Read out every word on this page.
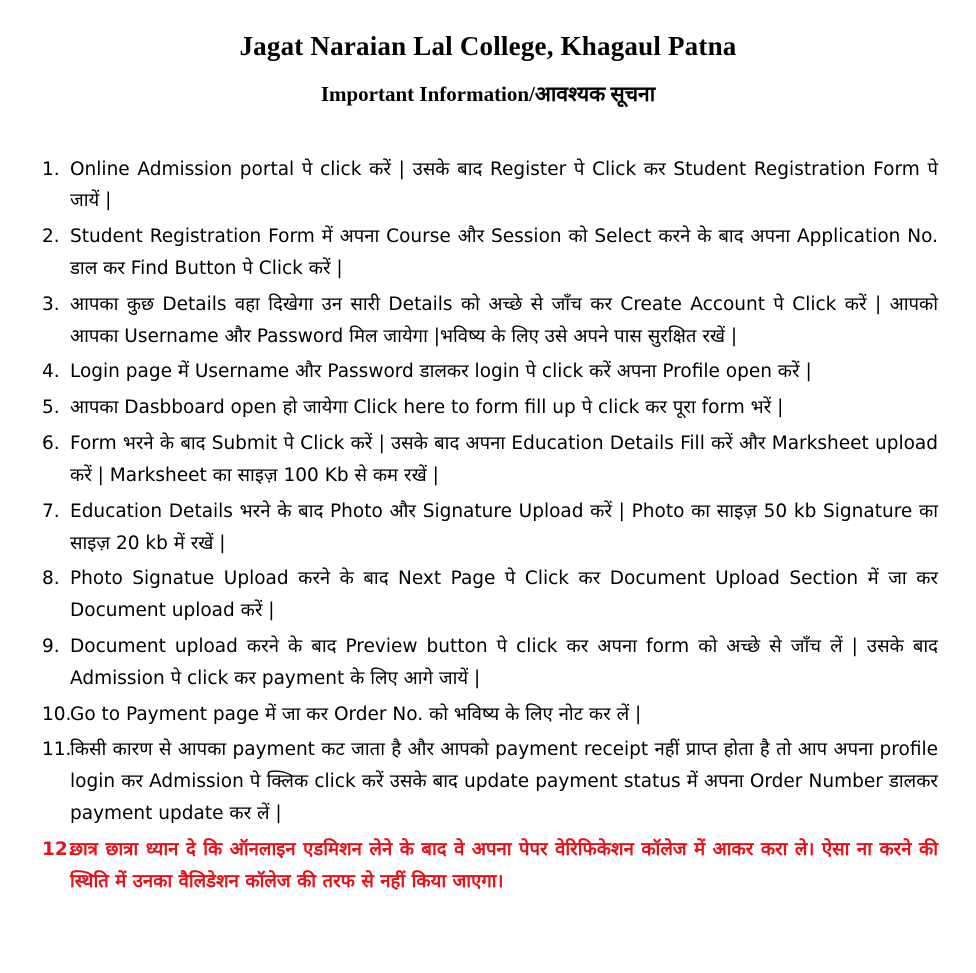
Jagat Naraian Lal College, Khagaul Patna
Important Information/आवश्यक सूचना
1. Online Admission portal पे click करें | उसके बाद Register पे Click कर Student Registration Form पे जायें |
2. Student Registration Form में अपना Course और Session को Select करने के बाद अपना Application No. डाल कर Find Button पे Click करें |
3. आपका कुछ Details वहा दिखेगा उन सारी Details को अच्छे से जाँच कर Create Account पे Click करें | आपको आपका Username और Password मिल जायेगा |भविष्य के लिए उसे अपने पास सुरक्षित रखें |
4. Login page में Username और Password डालकर login पे click करें अपना Profile open करें |
5. आपका Dasbboard open हो जायेगा Click here to form fill up पे click कर पूरा form भरें |
6. Form भरने के बाद Submit पे Click करें | उसके बाद अपना Education Details Fill करें और Marksheet upload करें | Marksheet का साइज़ 100 Kb से कम रखें |
7. Education Details भरने के बाद Photo और Signature Upload करें | Photo का साइज़ 50 kb Signature का साइज़ 20 kb में रखें |
8. Photo Signatue Upload करने के बाद Next Page पे Click कर Document Upload Section में जा कर Document upload करें |
9. Document upload करने के बाद Preview button पे click कर अपना form को अच्छे से जाँच लें | उसके बाद Admission पे click कर payment के लिए आगे जायें |
10.
Go to Payment page में जा कर Order No. को भविष्य के लिए नोट कर लें |
11.
किसी कारण से आपका payment कट जाता है और आपको payment receipt नहीं प्राप्त होता है तो आप अपना profile login कर Admission पे क्लिक click करें उसके बाद update payment status में अपना Order Number डालकर payment update कर लें |
12.
छात्र छात्रा ध्यान दे कि ऑनलाइन एडमिशन लेने के बाद वे अपना पेपर वेरिफिकेशन कॉलेज में आकर करा ले। ऐसा ना करने की स्थिति में उनका वैलिडेशन कॉलेज की तरफ से नहीं किया जाएगा।
